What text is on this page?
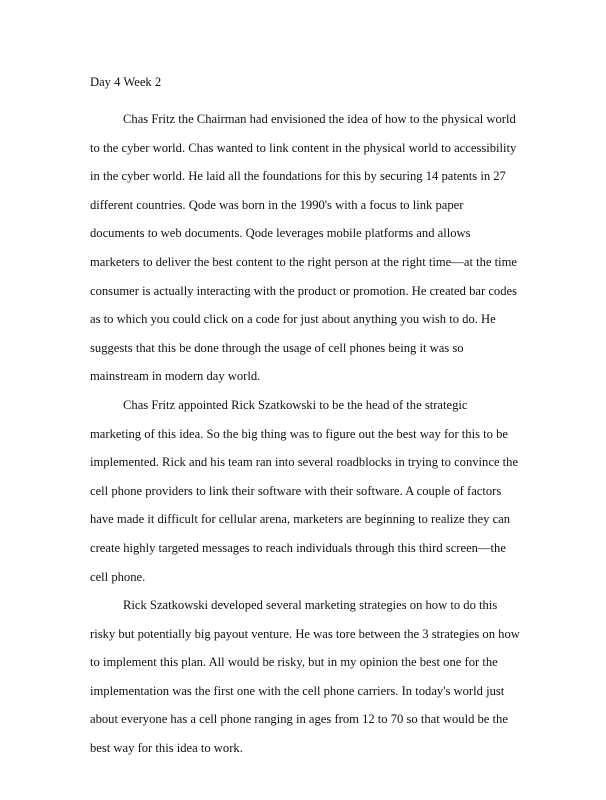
Day 4 Week 2

Chas Fritz the Chairman had envisioned the idea of how to the physical world to the cyber world. Chas wanted to link content in the physical world to accessibility in the cyber world. He laid all the foundations for this by securing 14 patents in 27 different countries. Qode was born in the 1990's with a focus to link paper documents to web documents. Qode leverages mobile platforms and allows marketers to deliver the best content to the right person at the right time—at the time consumer is actually interacting with the product or promotion. He created bar codes as to which you could click on a code for just about anything you wish to do. He suggests that this be done through the usage of cell phones being it was so mainstream in modern day world.

Chas Fritz appointed Rick Szatkowski to be the head of the strategic marketing of this idea. So the big thing was to figure out the best way for this to be implemented. Rick and his team ran into several roadblocks in trying to convince the cell phone providers to link their software with their software. A couple of factors have made it difficult for cellular arena, marketers are beginning to realize they can create highly targeted messages to reach individuals through this third screen—the cell phone.

Rick Szatkowski developed several marketing strategies on how to do this risky but potentially big payout venture. He was tore between the 3 strategies on how to implement this plan. All would be risky, but in my opinion the best one for the implementation was the first one with the cell phone carriers. In today's world just about everyone has a cell phone ranging in ages from 12 to 70 so that would be the best way for this idea to work.
